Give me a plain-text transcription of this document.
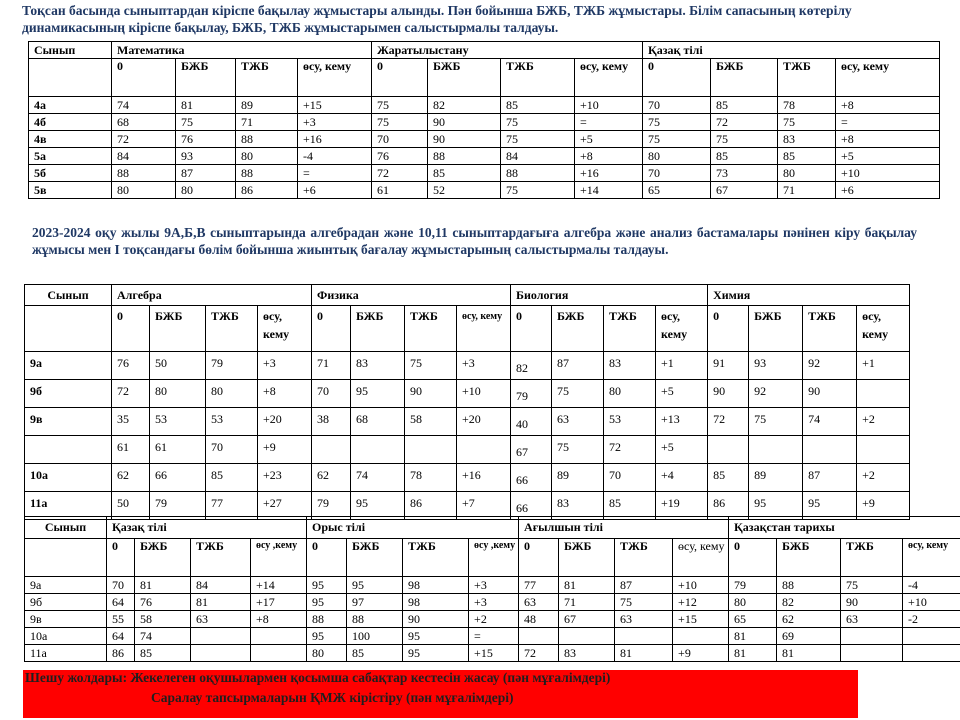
Тоқсан басында сыныптардан кіріспе бақылау жұмыстары алынды. Пән бойынша БЖБ, ТЖБ жұмыстары. Білім сапасының көтерілу динамикасының кіріспе бақылау, БЖБ, ТЖБ жұмыстарымен салыстырмалы талдауы.

Сынып	Математика				Жаратылыстану				Қазақ тілі			
	0	БЖБ	ТЖБ	өсу, кему	0	БЖБ	ТЖБ	өсу, кему	0	БЖБ	ТЖБ	өсу, кему
4а	74	81	89	+15	75	82	85	+10	70	85	78	+8
4б	68	75	71	+3	75	90	75	=	75	72	75	=
4в	72	76	88	+16	70	90	75	+5	75	75	83	+8
5а	84	93	80	-4	76	88	84	+8	80	85	85	+5
5б	88	87	88	=	72	85	88	+16	70	73	80	+10
5в	80	80	86	+6	61	52	75	+14	65	67	71	+6

2023-2024 оқу жылы 9А,Б,В сыныптарында алгебрадан және 10,11 сыныптардағыға алгебра және анализ бастамалары пәнінен кіру бақылау жұмысы мен І тоқсандағы бөлім бойынша жиынтық бағалау жұмыстарының салыстырмалы талдауы.

Сынып	Алгебра				Физика				Биология				Химия			
	0	БЖБ	ТЖБ	өсу, кему	0	БЖБ	ТЖБ	өсу, кему	0	БЖБ	ТЖБ	өсу, кему	0	БЖБ	ТЖБ	өсу, кему
9а	76	50	79	+3	71	83	75	+3	82	87	83	+1	91	93	92	+1
9б	72	80	80	+8	70	95	90	+10	79	75	80	+5	90	92	90	
9в	35	53	53	+20	38	68	58	+20	40	63	53	+13	72	75	74	+2
	61	61	70	+9					67	75	72	+5				
10а	62	66	85	+23	62	74	78	+16	66	89	70	+4	85	89	87	+2
11а	50	79	77	+27	79	95	86	+7	66	83	85	+19	86	95	95	+9
Сынып	Қазақ тілі				Орыс тілі				Ағылшын тілі				Қазақстан тарихы			
	0	БЖБ	ТЖБ	өсу ,кему	0	БЖБ	ТЖБ	өсу ,кему	0	БЖБ	ТЖБ	өсу, кему	0	БЖБ	ТЖБ	өсу, кему
9а	70	81	84	+14	95	95	98	+3	77	81	87	+10	79	88	75	-4
9б	64	76	81	+17	95	97	98	+3	63	71	75	+12	80	82	90	+10
9в	55	58	63	+8	88	88	90	+2	48	67	63	+15	65	62	63	-2
10а	64	74			95	100	95	=					81	69		
11а	86	85			80	85	95	+15	72	83	81	+9	81	81		
Шешу жолдары: Жекелеген оқушылармен қосымша сабақтар кестесін жасау (пән мұғалімдері)
Саралау тапсырмаларын ҚМЖ кірістіру (пән мұғалімдері)
